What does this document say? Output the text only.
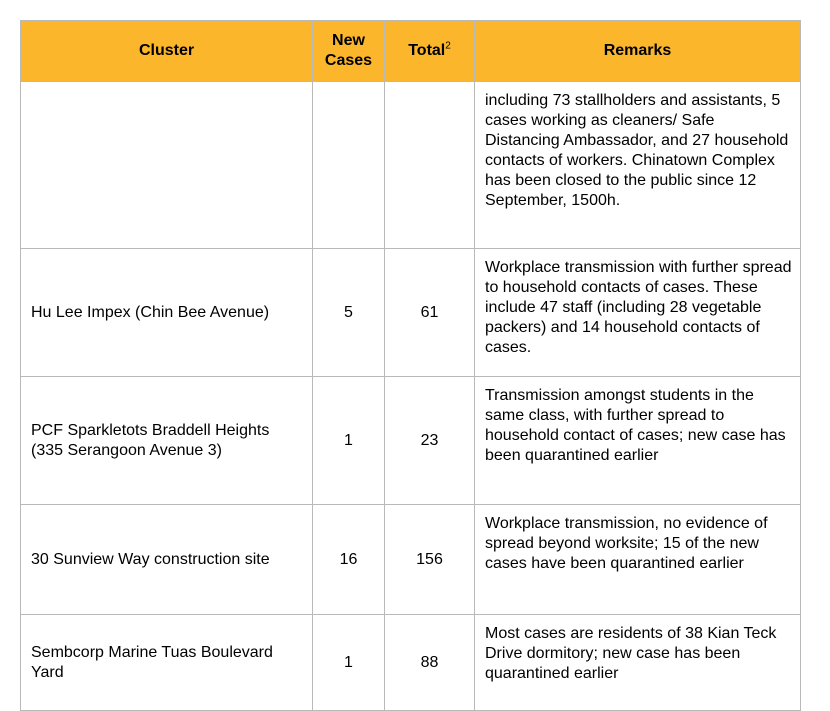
Cluster	New Cases	Total$^2$	Remarks
			including 73 stallholders and assistants, 5 cases working as cleaners/ Safe Distancing Ambassador, and 27 household contacts of workers. Chinatown Complex has been closed to the public since 12 September, 1500h.
Hu Lee Impex (Chin Bee Avenue)	5	61	Workplace transmission with further spread to household contacts of cases. These include 47 staff (including 28 vegetable packers) and 14 household contacts of cases.
PCF Sparkletots Braddell Heights (335 Serangoon Avenue 3)	1	23	Transmission amongst students in the same class, with further spread to household contact of cases; new case has been quarantined earlier
30 Sunview Way construction site	16	156	Workplace transmission, no evidence of spread beyond worksite; 15 of the new cases have been quarantined earlier
Sembcorp Marine Tuas Boulevard Yard	1	88	Most cases are residents of 38 Kian Teck Drive dormitory; new case has been quarantined earlier
